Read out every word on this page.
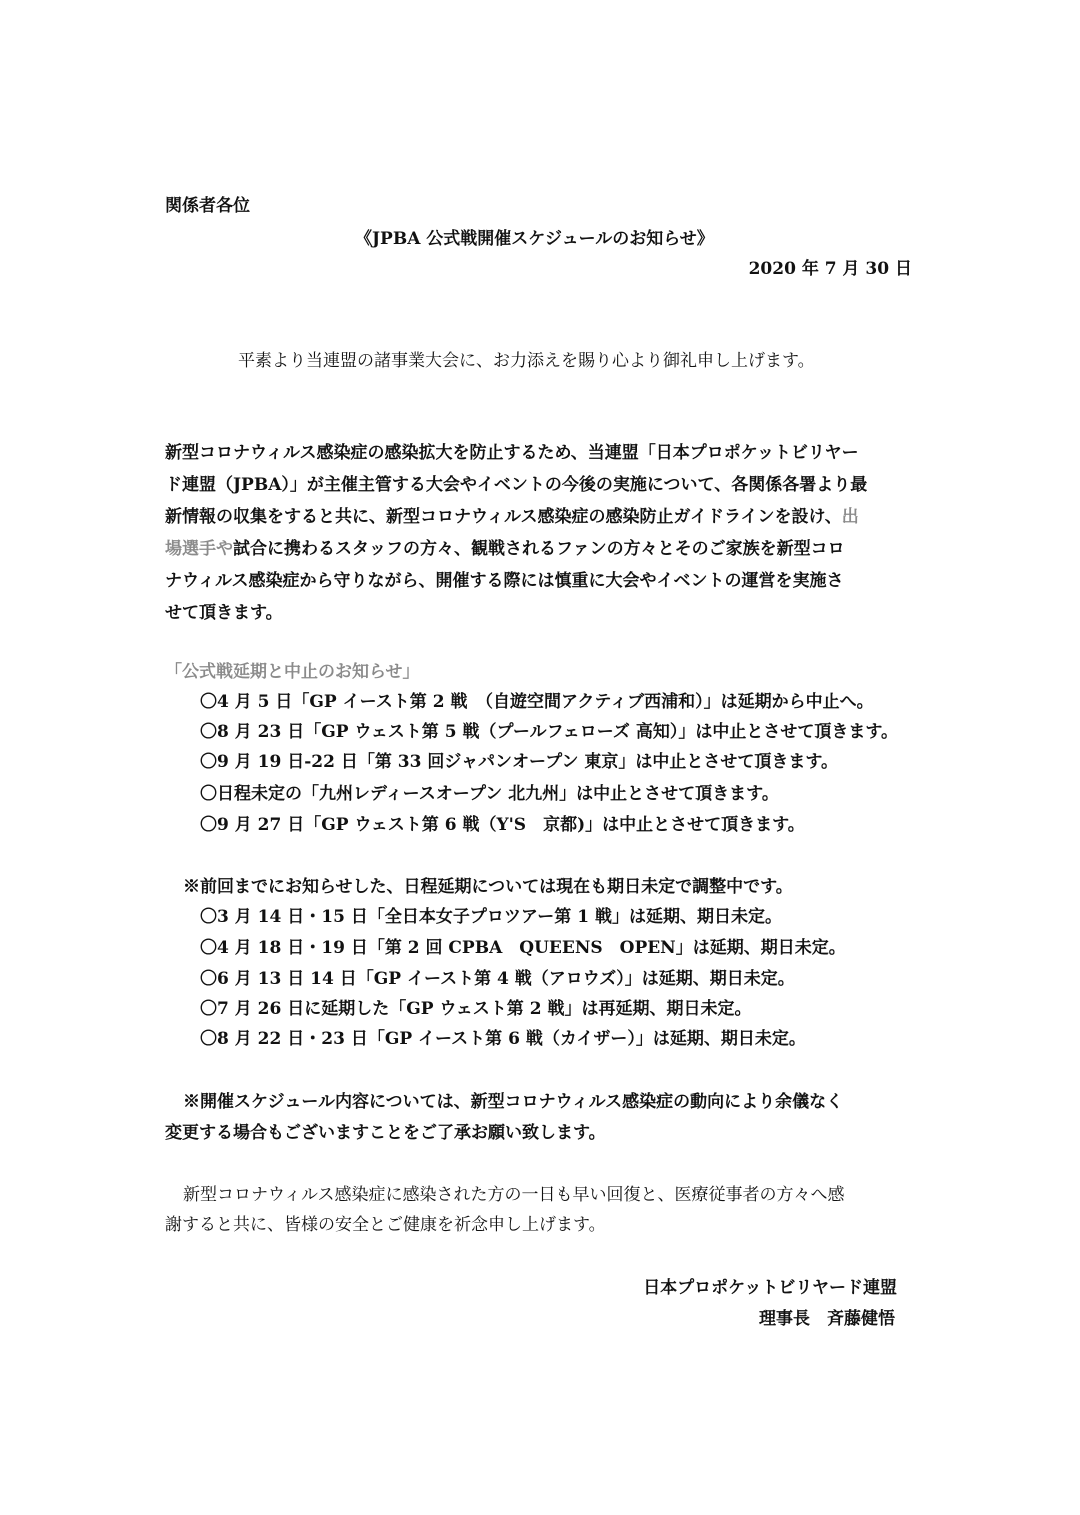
関係者各位

《JPBA 公式戦開催スケジュールのお知らせ》

2020 年 7 月 30 日

平素より当連盟の諸事業大会に、お力添えを賜り心より御礼申し上げます。

新型コロナウィルス感染症の感染拡大を防止するため、当連盟「日本プロポケットビリヤー

ド連盟（JPBA）」が主催主管する大会やイベントの今後の実施について、各関係各署より最

新情報の収集をすると共に、新型コロナウィルス感染症の感染防止ガイドラインを設け、出

場選手や試合に携わるスタッフの方々、観戦されるファンの方々とそのご家族を新型コロ

ナウィルス感染症から守りながら、開催する際には慎重に大会やイベントの運営を実施さ

せて頂きます。

「公式戦延期と中止のお知らせ」

〇4 月 5 日「GP イースト第 2 戦　（自遊空間アクティブ西浦和）」は延期から中止へ。

〇8 月 23 日「GP ウェスト第 5 戦（プールフェローズ 高知）」は中止とさせて頂きます。

〇9 月 19 日-22 日「第 33 回ジャパンオープン 東京」は中止とさせて頂きます。

〇日程未定の「九州レディースオープン 北九州」は中止とさせて頂きます。

〇9 月 27 日「GP ウェスト第 6 戦（Y'S　京都)」は中止とさせて頂きます。

※前回までにお知らせした、日程延期については現在も期日未定で調整中です。

〇3 月 14 日・15 日「全日本女子プロツアー第 1 戦」は延期、期日未定。

〇4 月 18 日・19 日「第 2 回 CPBA　QUEENS　OPEN」は延期、期日未定。

〇6 月 13 日 14 日「GP イースト第 4 戦（アロウズ）」は延期、期日未定。

〇7 月 26 日に延期した「GP ウェスト第 2 戦」は再延期、期日未定。

〇8 月 22 日・23 日「GP イースト第 6 戦（カイザー）」は延期、期日未定。

※開催スケジュール内容については、新型コロナウィルス感染症の動向により余儀なく

変更する場合もございますことをご了承お願い致します。

新型コロナウィルス感染症に感染された方の一日も早い回復と、医療従事者の方々へ感

謝すると共に、皆様の安全とご健康を祈念申し上げます。

日本プロポケットビリヤード連盟

理事長　斉藤健悟
